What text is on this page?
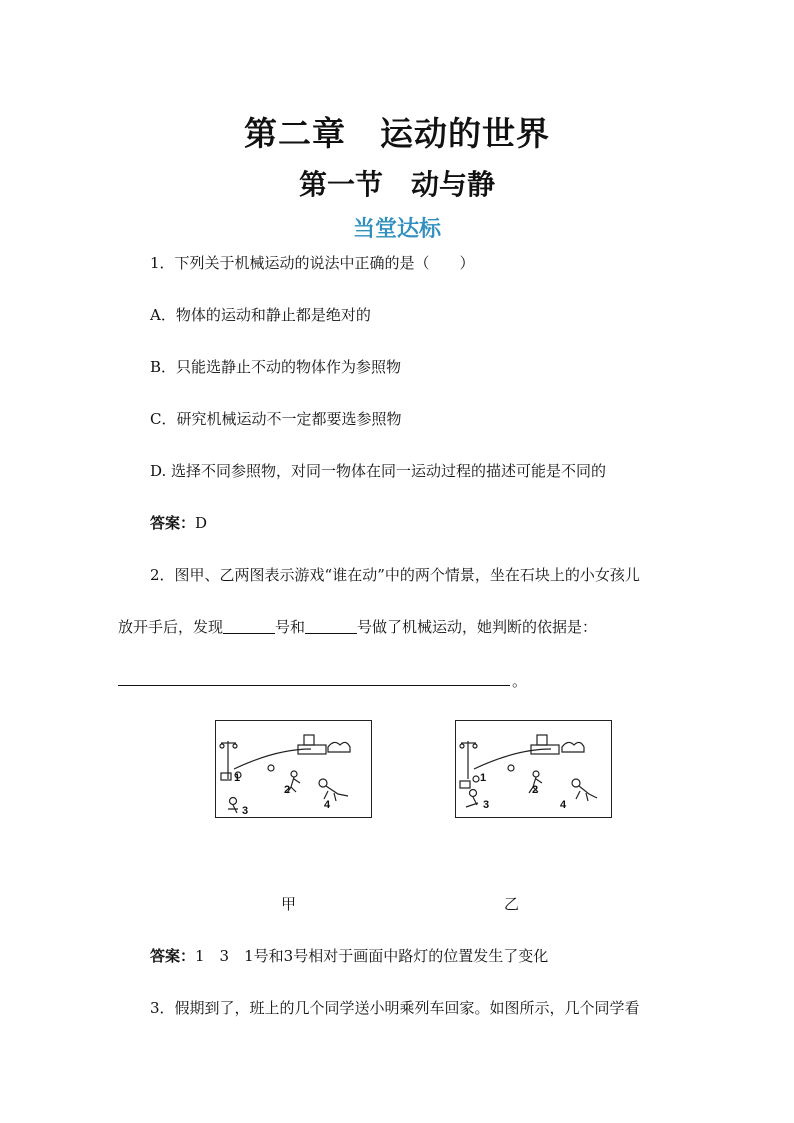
第二章　运动的世界
第一节　动与静
当堂达标
1．下列关于机械运动的说法中正确的是（　　）
A．物体的运动和静止都是绝对的
B．只能选静止不动的物体作为参照物
C．研究机械运动不一定都要选参照物
D. 选择不同参照物，对同一物体在同一运动过程的描述可能是不同的
答案：D
2．图甲、乙两图表示游戏“谁在动”中的两个情景，坐在石块上的小女孩儿
放开手后，发现	号和	号做了机械运动，她判断的依据是：
。
1
2
3	4
1
2
3	4
甲	乙
答案：1　3　1号和3号相对于画面中路灯的位置发生了变化
3．假期到了，班上的几个同学送小明乘列车回家。如图所示，几个同学看
